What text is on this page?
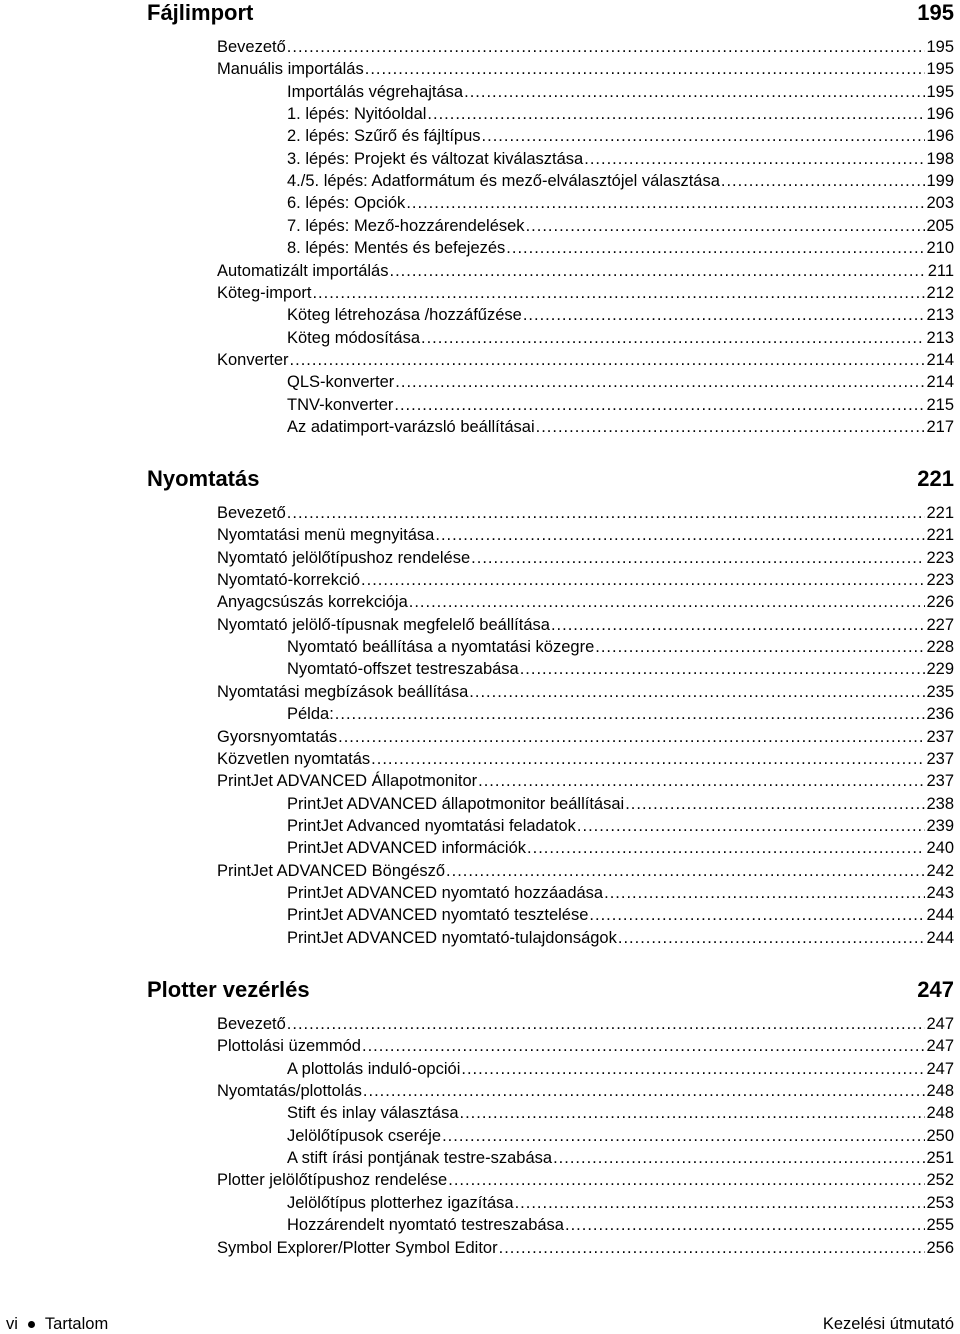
Fájlimport	195
Bevezető .....	195
Manuális importálás .....	195
Importálás végrehajtása .....	195
1. lépés: Nyitóoldal .....	196
2. lépés: Szűrő és fájltípus .....	196
3. lépés: Projekt és változat kiválasztása .....	198
4./5. lépés: Adatformátum és mező-elválasztójel választása .....	199
6. lépés: Opciók .....	203
7. lépés: Mező-hozzárendelések .....	205
8. lépés: Mentés és befejezés .....	210
Automatizált importálás .....	211
Köteg-import .....	212
Köteg létrehozása /hozzáfűzése .....	213
Köteg módosítása .....	213
Konverter .....	214
QLS-konverter .....	214
TNV-konverter .....	215
Az adatimport-varázsló beállításai .....	217
Nyomtatás	221
Bevezető .....	221
Nyomtatási menü megnyitása .....	221
Nyomtató jelölőtípushoz rendelése .....	223
Nyomtató-korrekció .....	223
Anyagcsúszás korrekciója .....	226
Nyomtató jelölő-típusnak megfelelő beállítása .....	227
Nyomtató beállítása a nyomtatási közegre .....	228
Nyomtató-offszet testreszabása .....	229
Nyomtatási megbízások beállítása .....	235
Példa: .....	236
Gyorsnyomtatás .....	237
Közvetlen nyomtatás .....	237
PrintJet ADVANCED Állapotmonitor .....	237
PrintJet ADVANCED állapotmonitor beállításai .....	238
PrintJet Advanced nyomtatási feladatok .....	239
PrintJet ADVANCED információk .....	240
PrintJet ADVANCED Böngésző .....	242
PrintJet ADVANCED nyomtató hozzáadása .....	243
PrintJet ADVANCED nyomtató tesztelése .....	244
PrintJet ADVANCED nyomtató-tulajdonságok .....	244
Plotter vezérlés	247
Bevezető .....	247
Plottolási üzemmód .....	247
A plottolás induló-opciói .....	247
Nyomtatás/plottolás .....	248
Stift és inlay választása .....	248
Jelölőtípusok cseréje .....	250
A stift írási pontjának testre-szabása .....	251
Plotter jelölőtípushoz rendelése .....	252
Jelölőtípus plotterhez igazítása .....	253
Hozzárendelt nyomtató testreszabása .....	255
Symbol Explorer/Plotter Symbol Editor .....	256
vi Tartalom	Kezelési útmutató
